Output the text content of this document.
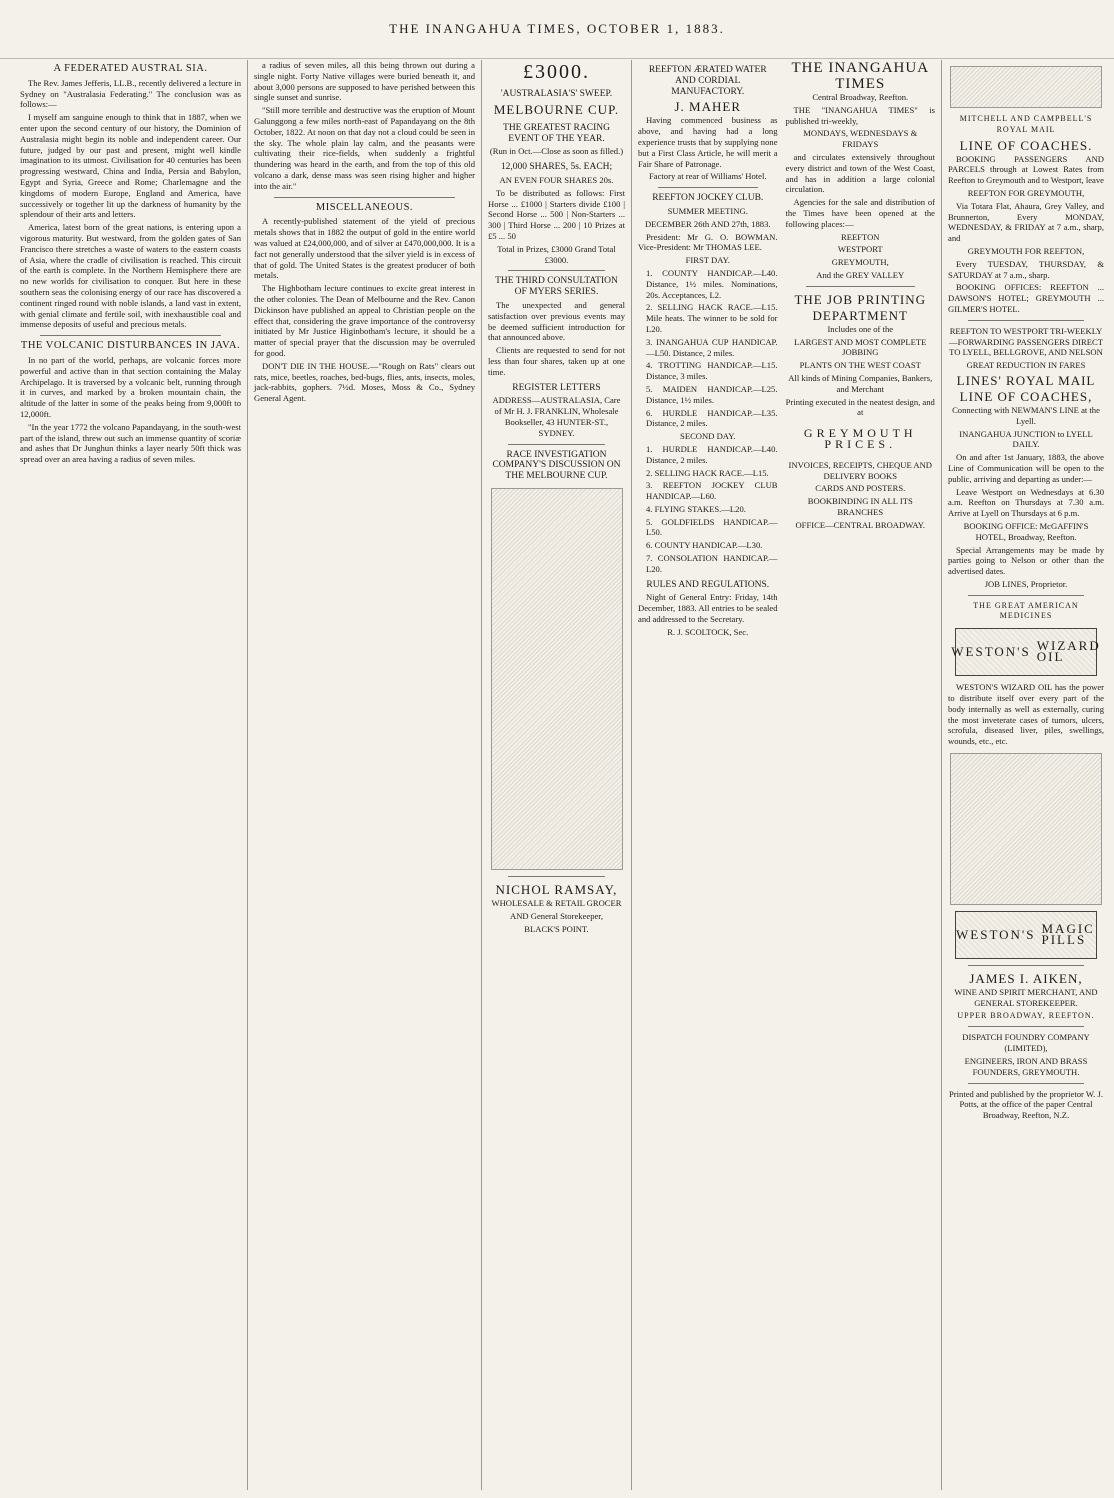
THE INANGAHUA TIMES, OCTOBER 1, 1883.
A FEDERATED AUSTRAL SIA.

The Rev. James Jefferis, LL.B., recently delivered a lecture in Sydney on "Australasia Federating." The conclusion was as follows:—

I myself am sanguine enough to think that in 1887, when we enter upon the second century of our history, the Dominion of Australasia might begin its noble and independent career. Our future, judged by our past and present, might well kindle imagination to its utmost. Civilisation for 40 centuries has been progressing westward, China and India, Persia and Babylon, Egypt and Syria, Greece and Rome; Charlemagne and the kingdoms of modern Europe, England and America, have successively or together lit up the darkness of humanity by the splendour of their arts and letters.

America, latest born of the great nations, is entering upon a vigorous maturity. But westward, from the golden gates of San Francisco there stretches a waste of waters to the eastern coasts of Asia, where the cradle of civilisation is reached. This circuit of the earth is complete. In the Northern Hemisphere there are no new worlds for civilisation to conquer. But here in these southern seas the colonising energy of our race has discovered a continent ringed round with noble islands, a land vast in extent, with genial climate and fertile soil, with inexhaustible coal and immense deposits of useful and precious metals.

THE VOLCANIC DISTURBANCES IN JAVA.

In no part of the world, perhaps, are volcanic forces more powerful and active than in that section containing the Malay Archipelago. It is traversed by a volcanic belt, running through it in curves, and marked by a broken mountain chain, the altitude of the latter in some of the peaks being from 9,000ft to 12,000ft.

"In the year 1772 the volcano Papandayang, in the south-west part of the island, threw out such an immense quantity of scoriæ and ashes that Dr Junghun thinks a layer nearly 50ft thick was spread over an area having a radius of seven miles.

a radius of seven miles, all this being thrown out during a single night. Forty Native villages were buried beneath it, and about 3,000 persons are supposed to have perished between this single sunset and sunrise.

"Still more terrible and destructive was the eruption of Mount Galunggong a few miles north-east of Papandayang on the 8th October, 1822. At noon on that day not a cloud could be seen in the sky. The whole plain lay calm, and the peasants were cultivating their rice-fields, when suddenly a frightful thundering was heard in the earth, and from the top of this old volcano a dark, dense mass was seen rising higher and higher into the air."

MISCELLANEOUS.

A recently-published statement of the yield of precious metals shows that in 1882 the output of gold in the entire world was valued at £24,000,000, and of silver at £470,000,000. It is a fact not generally understood that the silver yield is in excess of that of gold. The United States is the greatest producer of both metals.

The Highbotham lecture continues to excite great interest in the other colonies. The Dean of Melbourne and the Rev. Canon Dickinson have published an appeal to Christian people on the effect that, considering the grave importance of the controversy initiated by Mr Justice Higinbotham's lecture, it should be a matter of special prayer that the discussion may be overruled for good.

DON'T DIE IN THE HOUSE.—"Rough on Rats" clears out rats, mice, beetles, roaches, bed-bugs, flies, ants, insects, moles, jack-rabbits, gophers. 7½d. Moses, Moss & Co., Sydney General Agent.

£3000.
'AUSTRALASIA'S' SWEEP.
MELBOURNE CUP.
THE GREATEST RACING EVENT OF THE YEAR.

(Run in Oct.—Close as soon as filled.)

12,000 SHARES, 5s. EACH;

AN EVEN FOUR SHARES 20s.

To be distributed as follows: First Horse ... £1000 | Starters divide £100 | Second Horse ... 500 | Non-Starters ... 300 | Third Horse ... 200 | 10 Prizes at £5 ... 50

Total in Prizes, £3000 Grand Total £3000.

THE THIRD CONSULTATION OF MYERS SERIES.

The unexpected and general satisfaction over previous events may be deemed sufficient introduction for that announced above.

Clients are requested to send for not less than four shares, taken up at one time.

REGISTER LETTERS

ADDRESS—AUSTRALASIA, Care of Mr H. J. FRANKLIN, Wholesale Bookseller, 43 HUNTER-ST., SYDNEY.

RACE INVESTIGATION COMPANY'S DISCUSSION ON THE MELBOURNE CUP.
NICHOL RAMSAY,

WHOLESALE & RETAIL GROCER

AND General Storekeeper,

BLACK'S POINT.

REEFTON ÆRATED WATER AND CORDIAL MANUFACTORY.
J. MAHER

Having commenced business as above, and having had a long experience trusts that by supplying none but a First Class Article, he will merit a Fair Share of Patronage.

Factory at rear of Williams' Hotel.

REEFTON JOCKEY CLUB.

SUMMER MEETING.

DECEMBER 26th AND 27th, 1883.

President: Mr G. O. BOWMAN. Vice-President: Mr THOMAS LEE.

FIRST DAY.

1. COUNTY HANDICAP.—L40. Distance, 1½ miles. Nominations, 20s. Acceptances, L2.

2. SELLING HACK RACE.—L15. Mile heats. The winner to be sold for L20.

3. INANGAHUA CUP HANDICAP.—L50. Distance, 2 miles.

4. TROTTING HANDICAP.—L15. Distance, 3 miles.

5. MAIDEN HANDICAP.—L25. Distance, 1½ miles.

6. HURDLE HANDICAP.—L35. Distance, 2 miles.

SECOND DAY.

1. HURDLE HANDICAP.—L40. Distance, 2 miles.

2. SELLING HACK RACE.—L15.

3. REEFTON JOCKEY CLUB HANDICAP.—L60.

4. FLYING STAKES.—L20.

5. GOLDFIELDS HANDICAP.—L50.

6. COUNTY HANDICAP.—L30.

7. CONSOLATION HANDICAP.—L20.

RULES AND REGULATIONS.

Night of General Entry: Friday, 14th December, 1883. All entries to be sealed and addressed to the Secretary.

R. J. SCOLTOCK, Sec.

THE INANGAHUA TIMES

Central Broadway, Reefton.

THE "INANGAHUA TIMES" is published tri-weekly,

MONDAYS, WEDNESDAYS & FRIDAYS

and circulates extensively throughout every district and town of the West Coast, and has in addition a large colonial circulation.

Agencies for the sale and distribution of the Times have been opened at the following places:—

REEFTON

WESTPORT

GREYMOUTH,

And the GREY VALLEY

THE JOB PRINTING DEPARTMENT

Includes one of the

LARGEST AND MOST COMPLETE JOBBING

PLANTS ON THE WEST COAST

All kinds of Mining Companies, Bankers, and Merchant

Printing executed in the neatest design, and at

GREYMOUTH PRICES.

INVOICES, RECEIPTS, CHEQUE AND DELIVERY BOOKS

CARDS AND POSTERS.

BOOKBINDING IN ALL ITS BRANCHES

OFFICE—CENTRAL BROADWAY.

MITCHELL AND CAMPBELL'S ROYAL MAIL

LINE OF COACHES.

BOOKING PASSENGERS AND PARCELS through at Lowest Rates from Reefton to Greymouth and to Westport, leave

REEFTON FOR GREYMOUTH,

Via Totara Flat, Ahaura, Grey Valley, and Brunnerton, Every MONDAY, WEDNESDAY, & FRIDAY at 7 a.m., sharp, and

GREYMOUTH FOR REEFTON,

Every TUESDAY, THURSDAY, & SATURDAY at 7 a.m., sharp.

BOOKING OFFICES: REEFTON ... DAWSON'S HOTEL; GREYMOUTH ... GILMER'S HOTEL.

REEFTON TO WESTPORT TRI-WEEKLY—FORWARDING PASSENGERS DIRECT TO LYELL, BELLGROVE, AND NELSON

GREAT REDUCTION IN FARES

LINES' ROYAL MAIL LINE OF COACHES,

Connecting with NEWMAN'S LINE at the Lyell.

INANGAHUA JUNCTION to LYELL DAILY.

On and after 1st January, 1883, the above Line of Communication will be open to the public, arriving and departing as under:—

Leave Westport on Wednesdays at 6.30 a.m. Reefton on Thursdays at 7.30 a.m. Arrive at Lyell on Thursdays at 6 p.m.

BOOKING OFFICE: McGAFFIN'S HOTEL, Broadway, Reefton.

Special Arrangements may be made by parties going to Nelson or other than the advertised dates.

JOB LINES, Proprietor.

THE GREAT AMERICAN MEDICINES

WESTON'S
WIZARD OIL

WESTON'S WIZARD OIL has the power to distribute itself over every part of the body internally as well as externally, curing the most inveterate cases of tumors, ulcers, scrofula, diseased liver, piles, swellings, wounds, etc., etc.

WESTON'S
MAGIC PILLS
JAMES I. AIKEN,

WINE AND SPIRIT MERCHANT, AND GENERAL STOREKEEPER.

UPPER BROADWAY, REEFTON.

DISPATCH FOUNDRY COMPANY (LIMITED),

ENGINEERS, IRON AND BRASS FOUNDERS, GREYMOUTH.

Printed and published by the proprietor W. J. Potts, at the office of the paper Central Broadway, Reefton, N.Z.
